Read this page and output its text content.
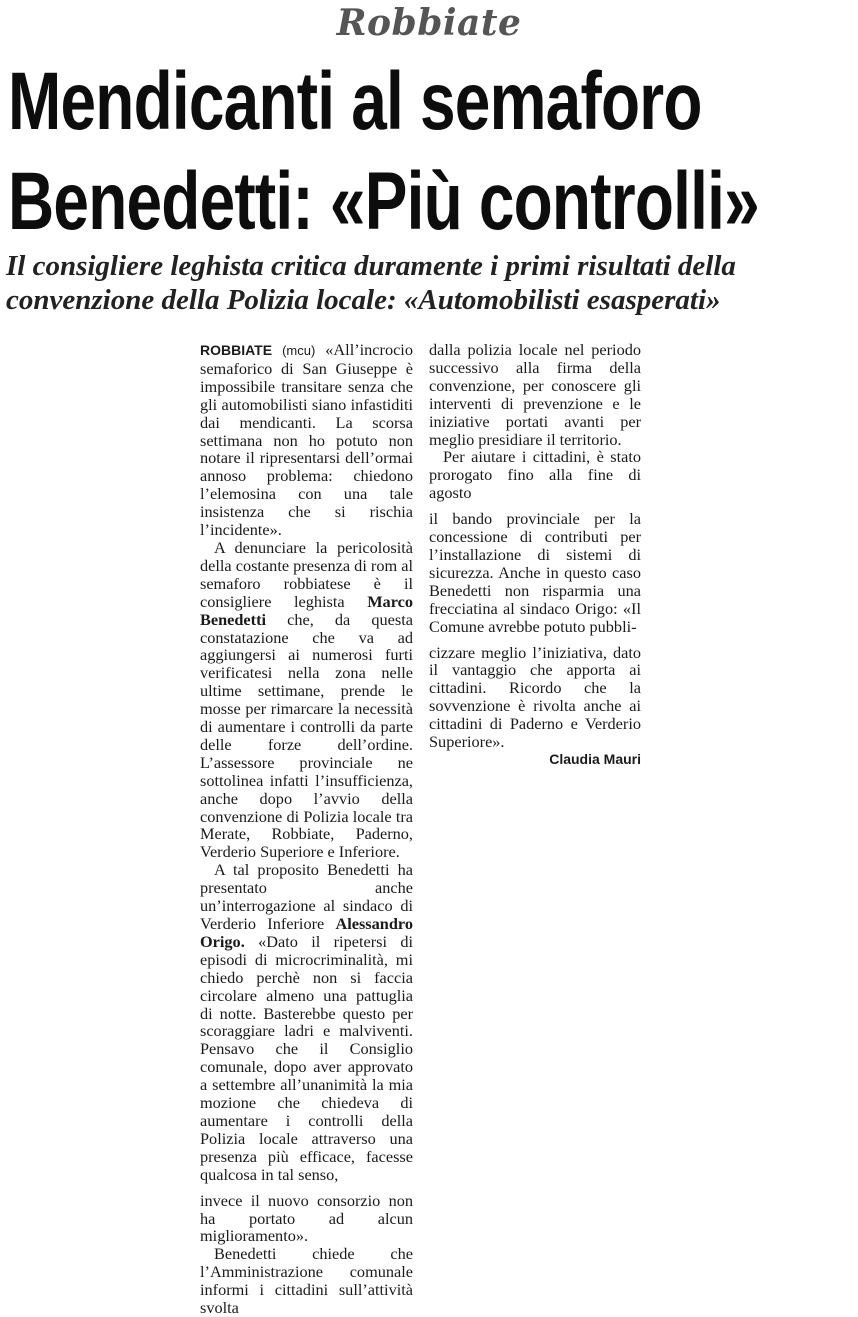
Robbiate
Mendicanti al semaforo
Benedetti: «Più controlli»
Il consigliere leghista critica duramente i primi risultati della
convenzione della Polizia locale: «Automobilisti esasperati»

ROBBIATE (mcu) «All’incrocio semaforico di San Giuseppe è impossibile transitare senza che gli automobilisti siano infastiditi dai mendicanti. La scorsa settimana non ho potuto non notare il ripresentarsi dell’ormai annoso problema: chiedono l’elemosina con una tale insistenza che si rischia l’incidente».

A denunciare la pericolosità della costante presenza di rom al semaforo robbiatese è il consigliere leghista Marco Benedetti che, da questa constatazione che va ad aggiungersi ai numerosi furti verificatesi nella zona nelle ultime settimane, prende le mosse per rimarcare la necessità di aumentare i controlli da parte delle forze dell’ordine. L’assessore provinciale ne sottolinea infatti l’insufficienza, anche dopo l’avvio della convenzione di Polizia locale tra Merate, Robbiate, Paderno, Verderio Superiore e Inferiore.

A tal proposito Benedetti ha presentato anche un’interrogazione al sindaco di Verderio Inferiore Alessandro Origo. «Dato il ripetersi di episodi di microcriminalità, mi chiedo perchè non si faccia circolare almeno una pattuglia di notte. Basterebbe questo per scoraggiare ladri e malviventi. Pensavo che il Consiglio comunale, dopo aver approvato a settembre all’unanimità la mia mozione che chiedeva di aumentare i controlli della Polizia locale attraverso una presenza più efficace, facesse qualcosa in tal senso,

invece il nuovo consorzio non ha portato ad alcun miglioramento».

Benedetti chiede che l’Amministrazione comunale informi i cittadini sull’attività svolta

dalla polizia locale nel periodo successivo alla firma della convenzione, per conoscere gli interventi di prevenzione e le iniziative portati avanti per meglio presidiare il territorio.

Per aiutare i cittadini, è stato prorogato fino alla fine di agosto

il bando provinciale per la concessione di contributi per l’installazione di sistemi di sicurezza. Anche in questo caso Benedetti non risparmia una frecciatina al sindaco Origo: «Il Comune avrebbe potuto pubbli-

cizzare meglio l’iniziativa, dato il vantaggio che apporta ai cittadini. Ricordo che la sovvenzione è rivolta anche ai cittadini di Paderno e Verderio Superiore».

Claudia Mauri
